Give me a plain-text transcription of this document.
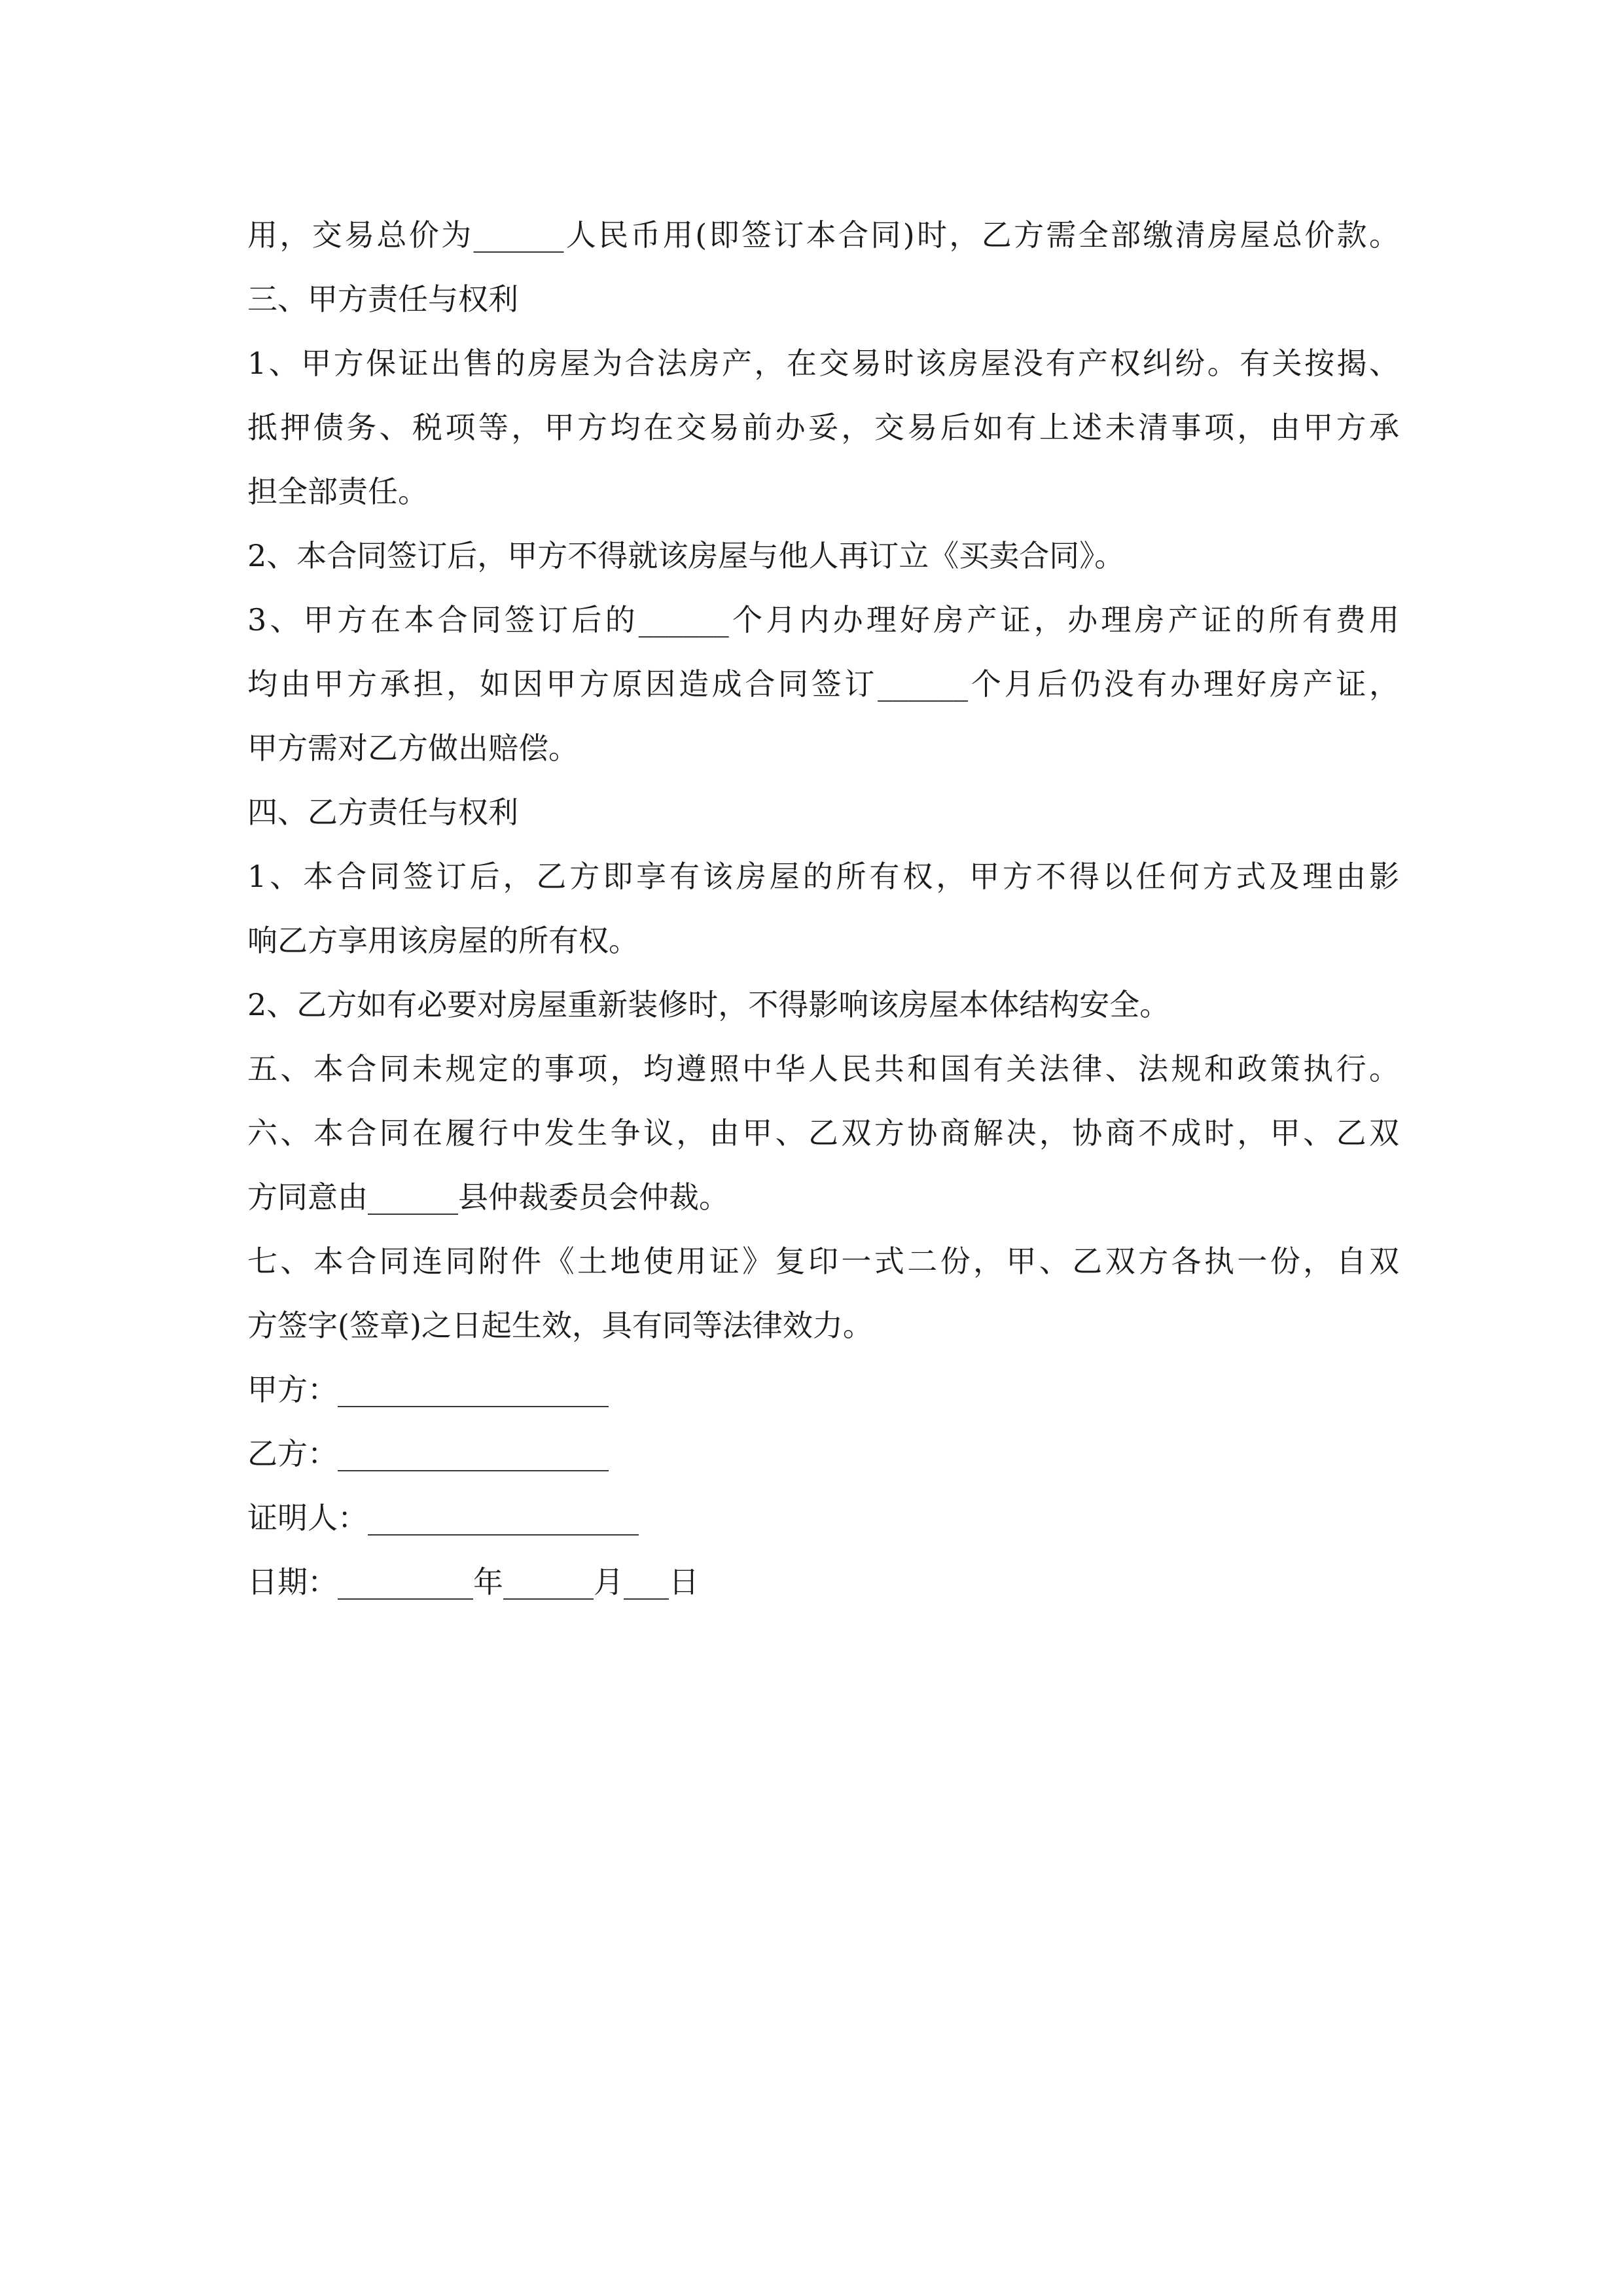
用，交易总价为______人民币用(即签订本合同)时，乙方需全部缴清房屋总价款。
三、甲方责任与权利
1、甲方保证出售的房屋为合法房产，在交易时该房屋没有产权纠纷。有关按揭、
抵押债务、税项等，甲方均在交易前办妥，交易后如有上述未清事项，由甲方承
担全部责任。
2、本合同签订后，甲方不得就该房屋与他人再订立《买卖合同》。
3、甲方在本合同签订后的______个月内办理好房产证，办理房产证的所有费用
均由甲方承担，如因甲方原因造成合同签订______个月后仍没有办理好房产证，
甲方需对乙方做出赔偿。
四、乙方责任与权利
1、本合同签订后，乙方即享有该房屋的所有权，甲方不得以任何方式及理由影
响乙方享用该房屋的所有权。
2、乙方如有必要对房屋重新装修时，不得影响该房屋本体结构安全。
五、本合同未规定的事项，均遵照中华人民共和国有关法律、法规和政策执行。
六、本合同在履行中发生争议，由甲、乙双方协商解决，协商不成时，甲、乙双
方同意由______县仲裁委员会仲裁。
七、本合同连同附件《土地使用证》复印一式二份，甲、乙双方各执一份，自双
方签字(签章)之日起生效，具有同等法律效力。
甲方：__________________
乙方：__________________
证明人：__________________
日期：_________年______月___日
